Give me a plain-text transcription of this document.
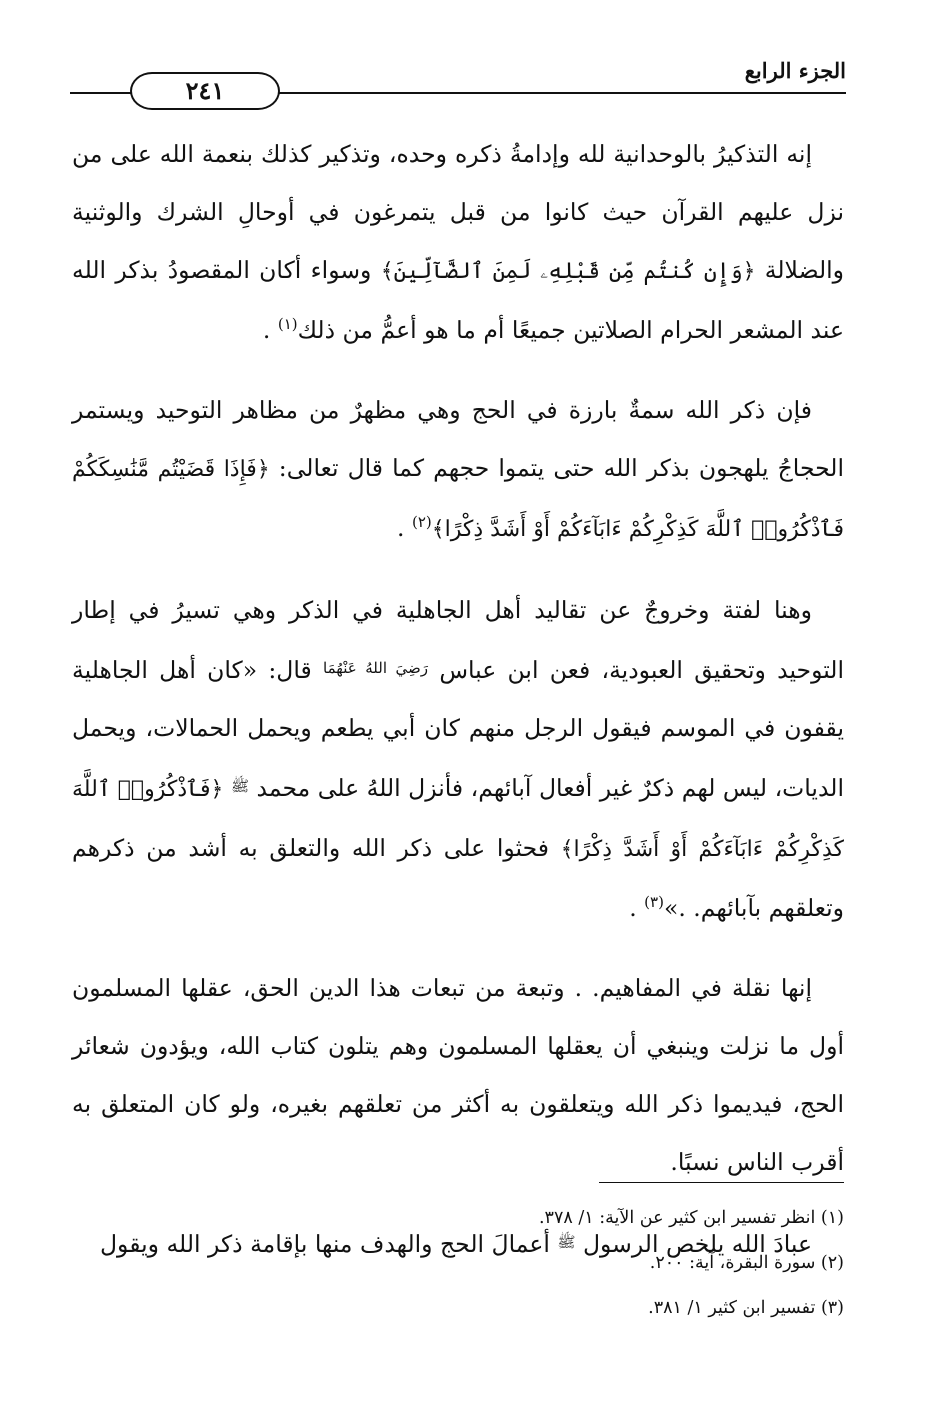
الجزء الرابع
٢٤١

إنه التذكيرُ بالوحدانية لله وإدامةُ ذكره وحده، وتذكير كذلك بنعمة الله على من نزل عليهم القرآن حيث كانوا من قبل يتمرغون في أوحالِ الشرك والوثنية والضلالة ﴿وَإِن كُنتُم مِّن قَبْلِهِۦ لَمِنَ ٱلضَّآلِّينَ﴾ وسواء أكان المقصودُ بذكر الله عند المشعر الحرام الصلاتين جميعًا أم ما هو أعمُّ من ذلك$^{(١)}$ .

فإن ذكر الله سمةٌ بارزة في الحج وهي مظهرٌ من مظاهر التوحيد ويستمر الحجاجُ يلهجون بذكر الله حتى يتموا حجهم كما قال تعالى: ﴿فَإِذَا قَضَيْتُم مَّنَٰسِكَكُمْ فَٱذْكُرُوا۟ ٱللَّهَ كَذِكْرِكُمْ ءَابَآءَكُمْ أَوْ أَشَدَّ ذِكْرًا﴾$^{(٢)}$ .

وهنا لفتة وخروجٌ عن تقاليد أهل الجاهلية في الذكر وهي تسيرُ في إطار التوحيد وتحقيق العبودية، فعن ابن عباس $^{رَضِيَ اللهُ عَنْهُمَا}$ قال: «كان أهل الجاهلية يقفون في الموسم فيقول الرجل منهم كان أبي يطعم ويحمل الحمالات، ويحمل الديات، ليس لهم ذكرٌ غير أفعال آبائهم، فأنزل اللهُ على محمد $^ﷺ$ ﴿فَٱذْكُرُوا۟ ٱللَّهَ كَذِكْرِكُمْ ءَابَآءَكُمْ أَوْ أَشَدَّ ذِكْرًا﴾ فحثوا على ذكر الله والتعلق به أشد من ذكرهم وتعلقهم بآبائهم. .»$^{(٣)}$ .

إنها نقلة في المفاهيم. . وتبعة من تبعات هذا الدين الحق، عقلها المسلمون أول ما نزلت وينبغي أن يعقلها المسلمون وهم يتلون كتاب الله، ويؤدون شعائر الحج، فيديموا ذكر الله ويتعلقون به أكثر من تعلقهم بغيره، ولو كان المتعلق به أقرب الناس نسبًا.

عبادَ الله يلخص الرسول $^ﷺ$ أعمالَ الحج والهدف منها بإقامة ذكر الله ويقول

(١) انظر تفسير ابن كثير عن الآية: ١/ ٣٧٨.

(٢) سورة البقرة، آية: ٢٠٠.

(٣) تفسير ابن كثير ١/ ٣٨١.
